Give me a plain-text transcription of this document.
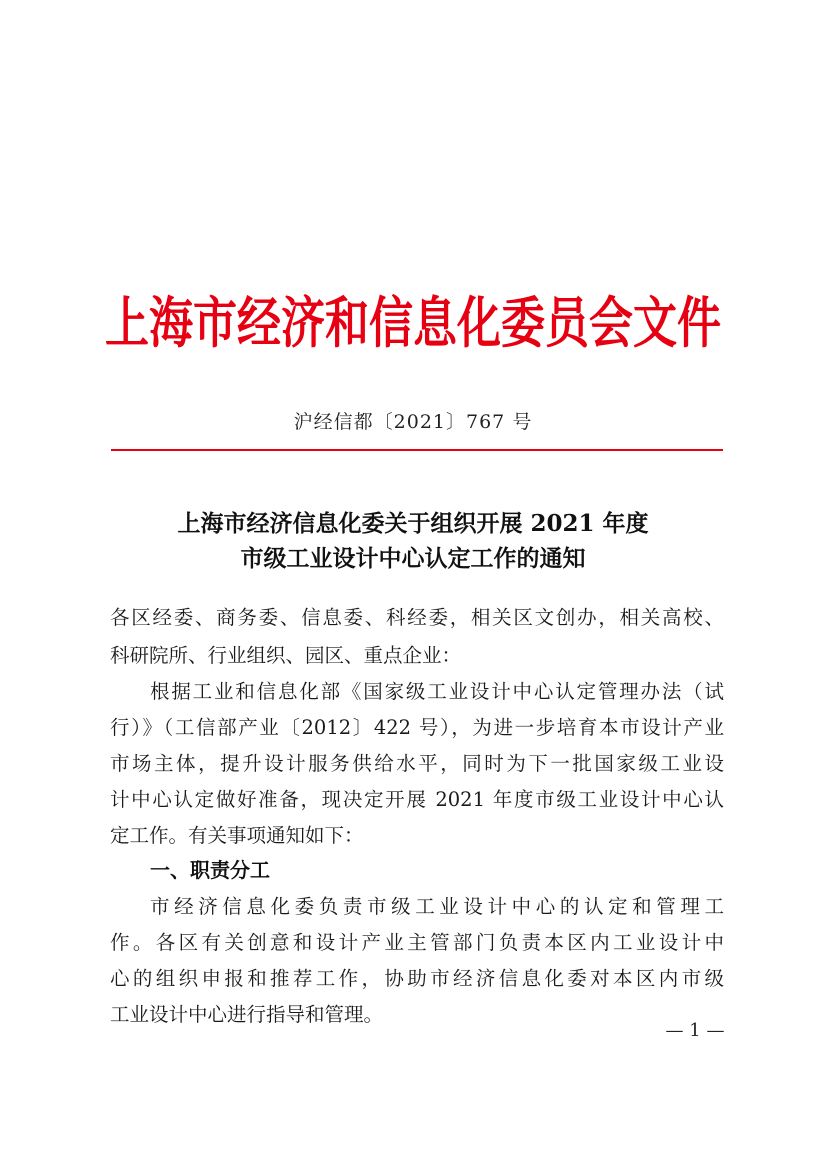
上海市经济和信息化委员会文件
沪经信都〔2021〕767 号
上海市经济信息化委关于组织开展 2021 年度
市级工业设计中心认定工作的通知
各区经委、商务委、信息委、科经委，相关区文创办，相关高校、
科研院所、行业组织、园区、重点企业：
根据工业和信息化部《国家级工业设计中心认定管理办法（试
行）》（工信部产业〔2012〕422 号），为进一步培育本市设计产业
市场主体，提升设计服务供给水平，同时为下一批国家级工业设
计中心认定做好准备，现决定开展 2021 年度市级工业设计中心认
定工作。有关事项通知如下：
一、职责分工
市经济信息化委负责市级工业设计中心的认定和管理工
作。各区有关创意和设计产业主管部门负责本区内工业设计中
心的组织申报和推荐工作，协助市经济信息化委对本区内市级
工业设计中心进行指导和管理。
— 1 —
